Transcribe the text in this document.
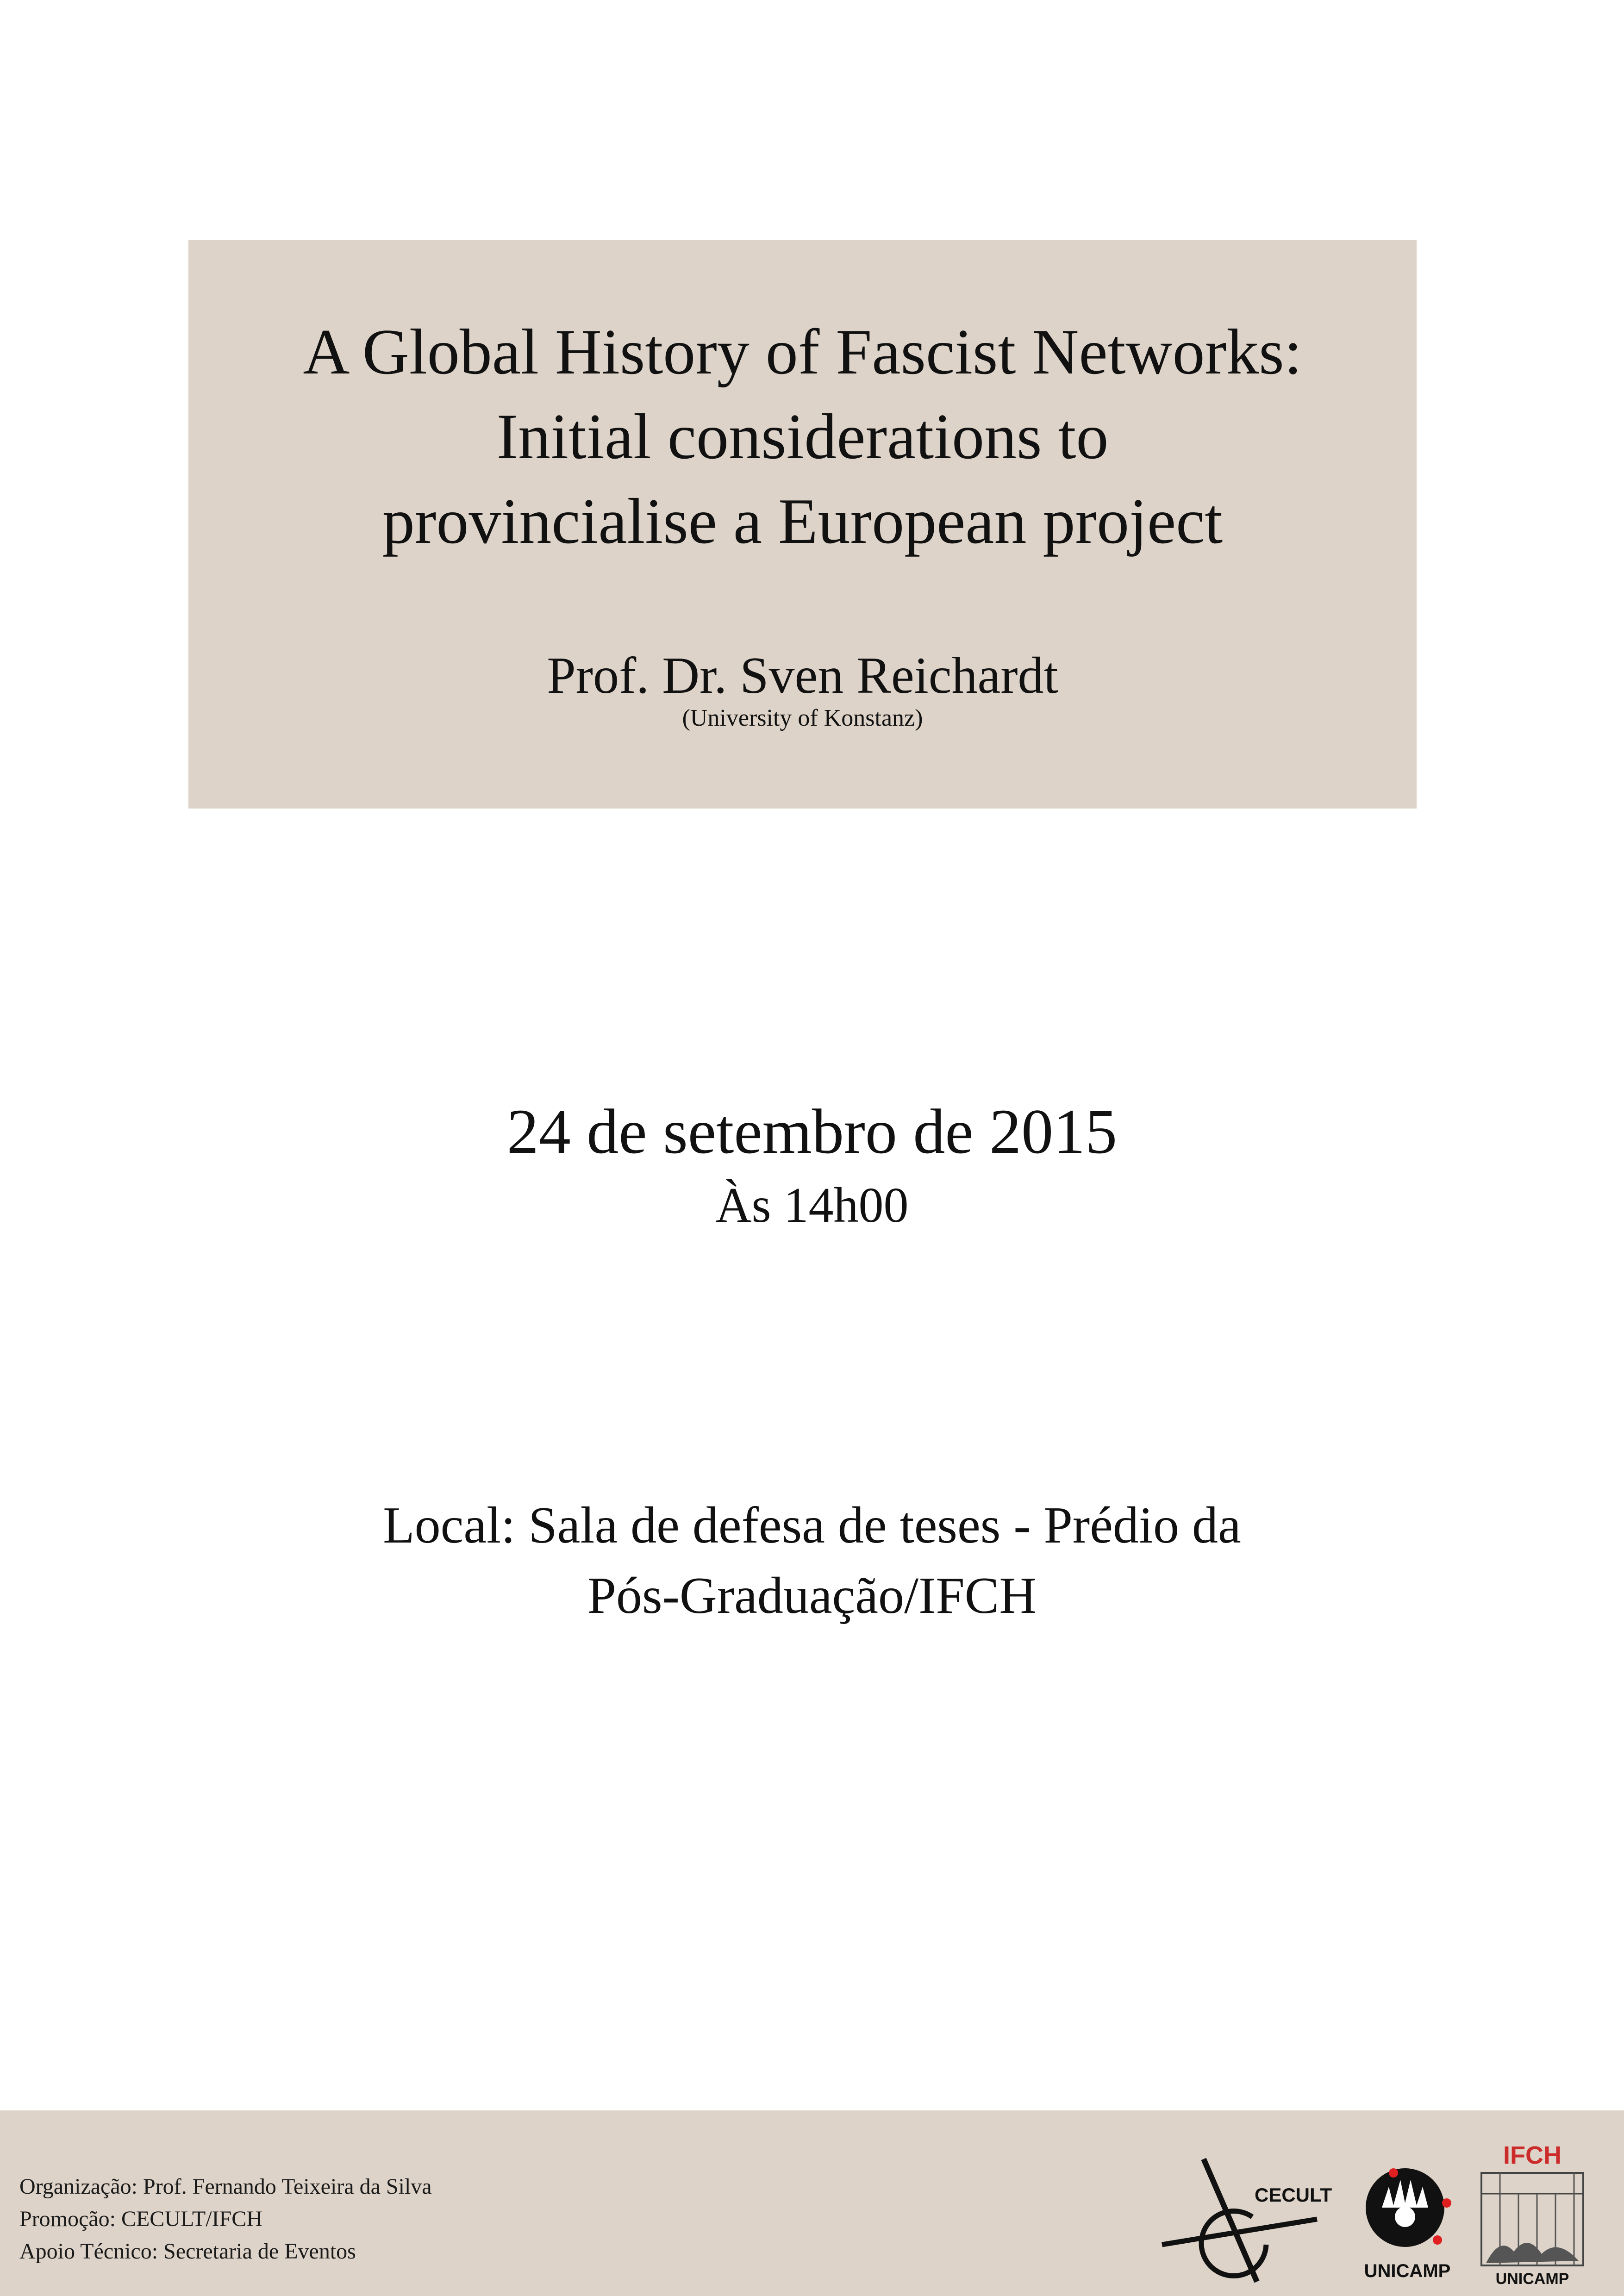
A Global History of Fascist Networks:
Initial considerations to
provincialise a European project
Prof. Dr. Sven Reichardt
(University of Konstanz)
24 de setembro de 2015
Às 14h00
Local: Sala de defesa de teses - Prédio da
Pós-Graduação/IFCH
Organização: Prof. Fernando Teixeira da Silva
Promoção: CECULT/IFCH
Apoio Técnico: Secretaria de Eventos
CECULT
UNICAMP
IFCH
UNICAMP
